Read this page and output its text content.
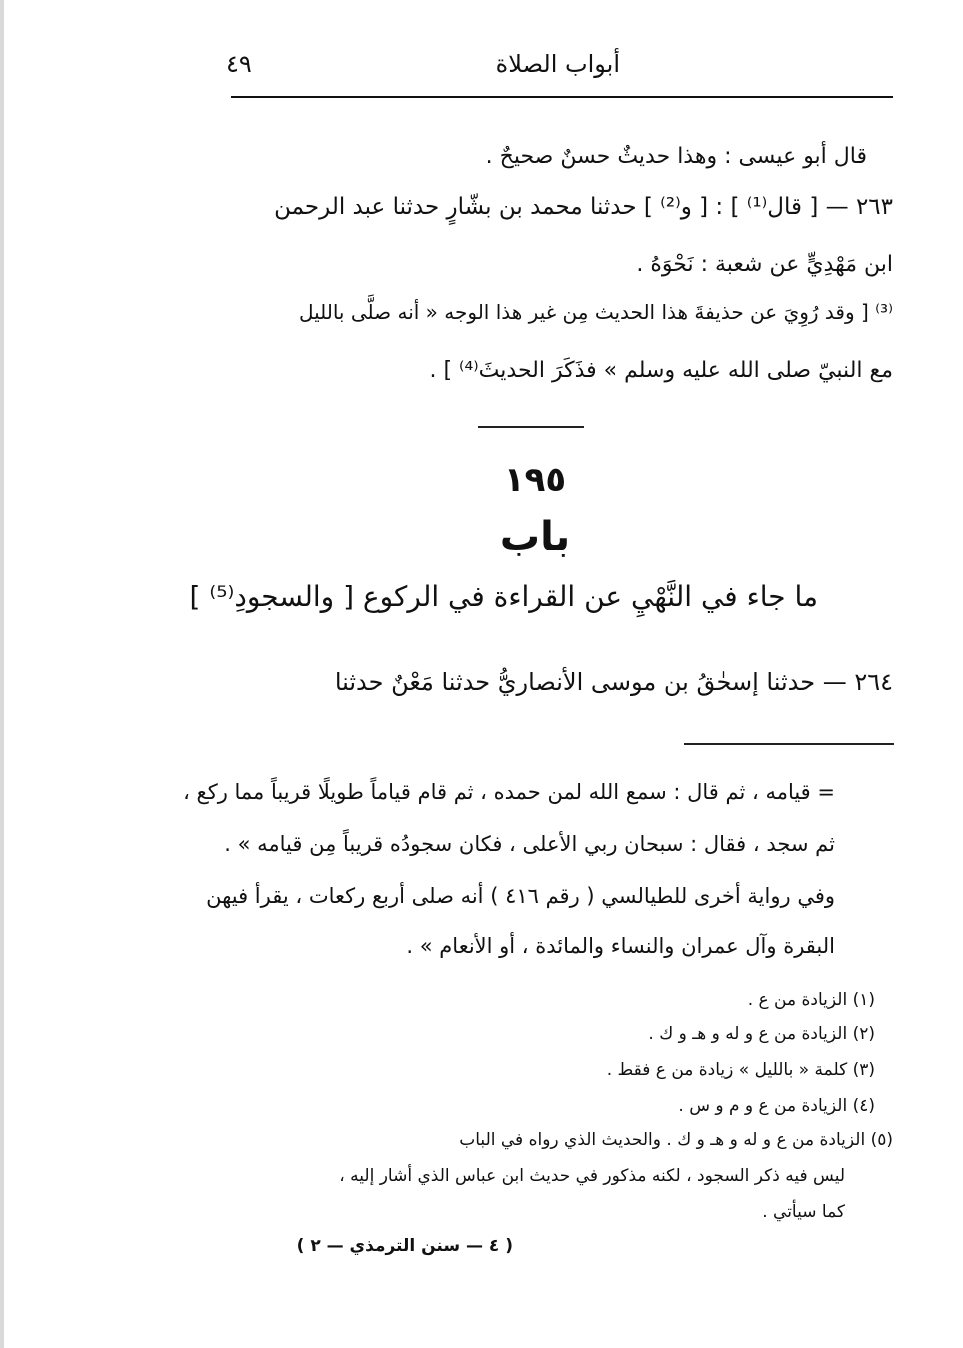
أبواب الصلاة
٤٩
قال أبو عيسى : وهذا حديثٌ حسنٌ صحيحٌ .
٢٦٣ — [ قال⁽¹⁾ ] : [ و⁽²⁾ ] حدثنا محمد بن بشّارٍ حدثنا عبد الرحمن
ابن مَهْدِيٍّ عن شعبة : نَحْوَهُ .
⁽³⁾ [ وقد رُوِيَ عن حذيفةَ هذا الحديث مِن غير هذا الوجه « أنه صلَّى بالليل
مع النبيّ صلى الله عليه وسلم » فذَكَرَ الحديثَ⁽⁴⁾ ] .
١٩٥
باب
ما جاء في النَّهْيِ عن القراءة في الركوع [ والسجودِ⁽⁵⁾ ]
٢٦٤ — حدثنا إسحٰقُ بن موسى الأنصاريُّ حدثنا مَعْنٌ حدثنا
= قيامه ، ثم قال : سمع الله لمن حمده ، ثم قام قياماً طويلًا قريباً مما ركع ،
ثم سجد ، فقال : سبحان ربي الأعلى ، فكان سجودُه قريباً مِن قيامه » .
وفي رواية أخرى للطيالسي ( رقم ٤١٦ ) أنه صلى أربع ركعات ، يقرأ فيهن
البقرة وآل عمران والنساء والمائدة ، أو الأنعام » .
(١) الزيادة من ع .
(٢) الزيادة من ع و له و هـ و ك .
(٣) كلمة « بالليل » زيادة من ع فقط .
(٤) الزيادة من ع و م و س .
(٥) الزيادة من ع و له و هـ و ك . والحديث الذي رواه في الباب
ليس فيه ذكر السجود ، لكنه مذكور في حديث ابن عباس الذي أشار إليه ،
كما سيأتي .
( ٤ — سنن الترمذي — ٢ )
